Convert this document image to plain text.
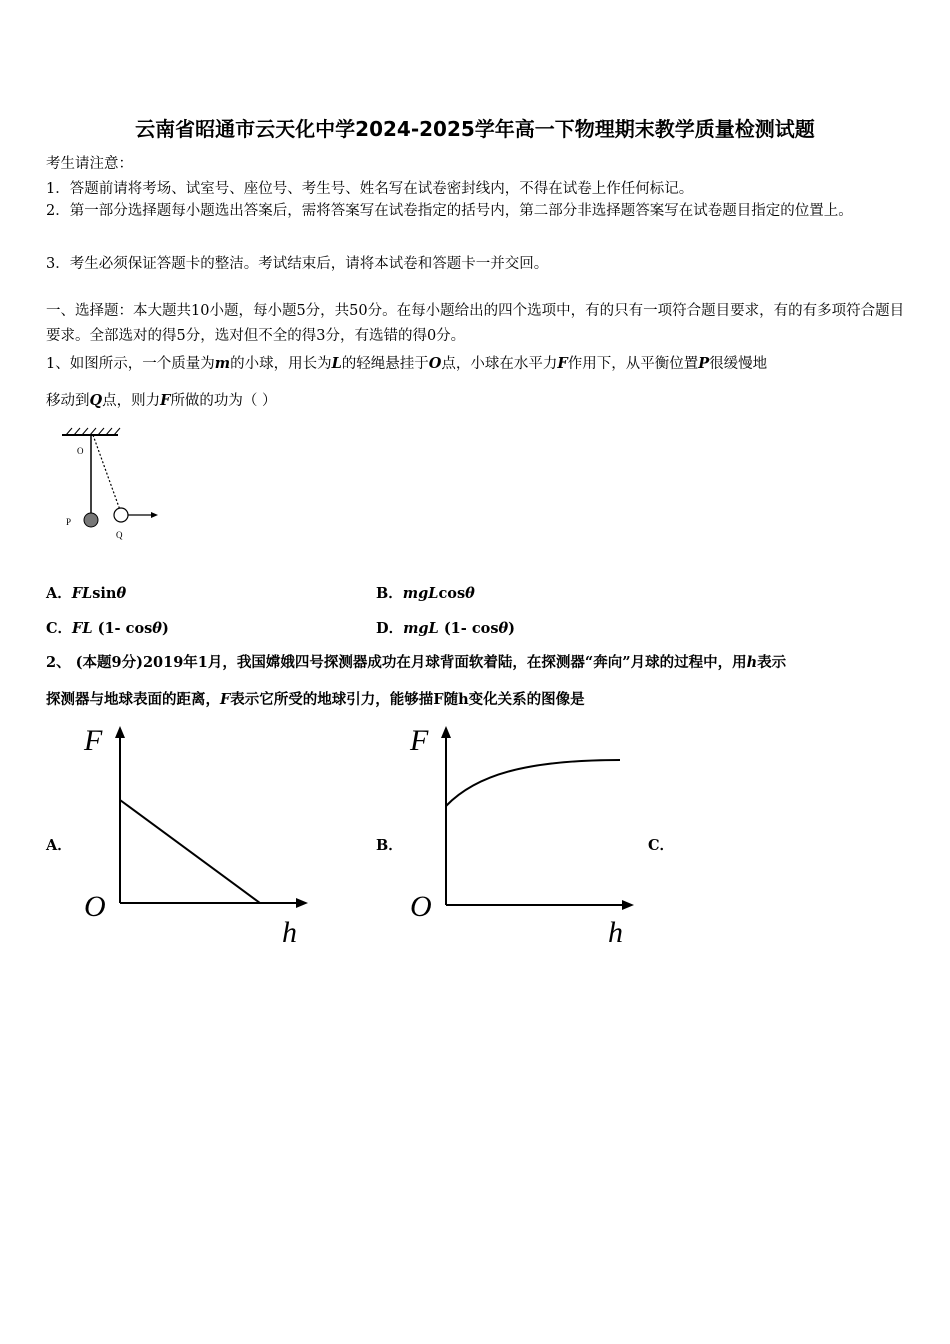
云南省昭通市云天化中学2024-2025学年高一下物理期末教学质量检测试题
考生请注意：
1．答题前请将考场、试室号、座位号、考生号、姓名写在试卷密封线内，不得在试卷上作任何标记。
2．第一部分选择题每小题选出答案后，需将答案写在试卷指定的括号内，第二部分非选择题答案写在试卷题目指定的位置上。
3．考生必须保证答题卡的整洁。考试结束后，请将本试卷和答题卡一并交回。
一、选择题：本大题共10小题，每小题5分，共50分。在每小题给出的四个选项中，有的只有一项符合题目要求，有的有多项符合题目要求。全部选对的得5分，选对但不全的得3分，有选错的得0分。
1、如图所示，一个质量为m的小球，用长为L的轻绳悬挂于O点，小球在水平力F作用下，从平衡位置P很缓慢地
移动到Q点，则力F所做的功为（ ）
O
P
Q
A．FLsinθ	B．mgLcosθ
C．FL (1- cosθ)	D．mgL (1- cosθ)
2、 (本题9分)2019年1月，我国嫦娥四号探测器成功在月球背面软着陆，在探测器“奔向”月球的过程中，用h表示
探测器与地球表面的距离，F表示它所受的地球引力，能够描F随h变化关系的图像是
A．	B．	C．
F
O
h
F
O
h
